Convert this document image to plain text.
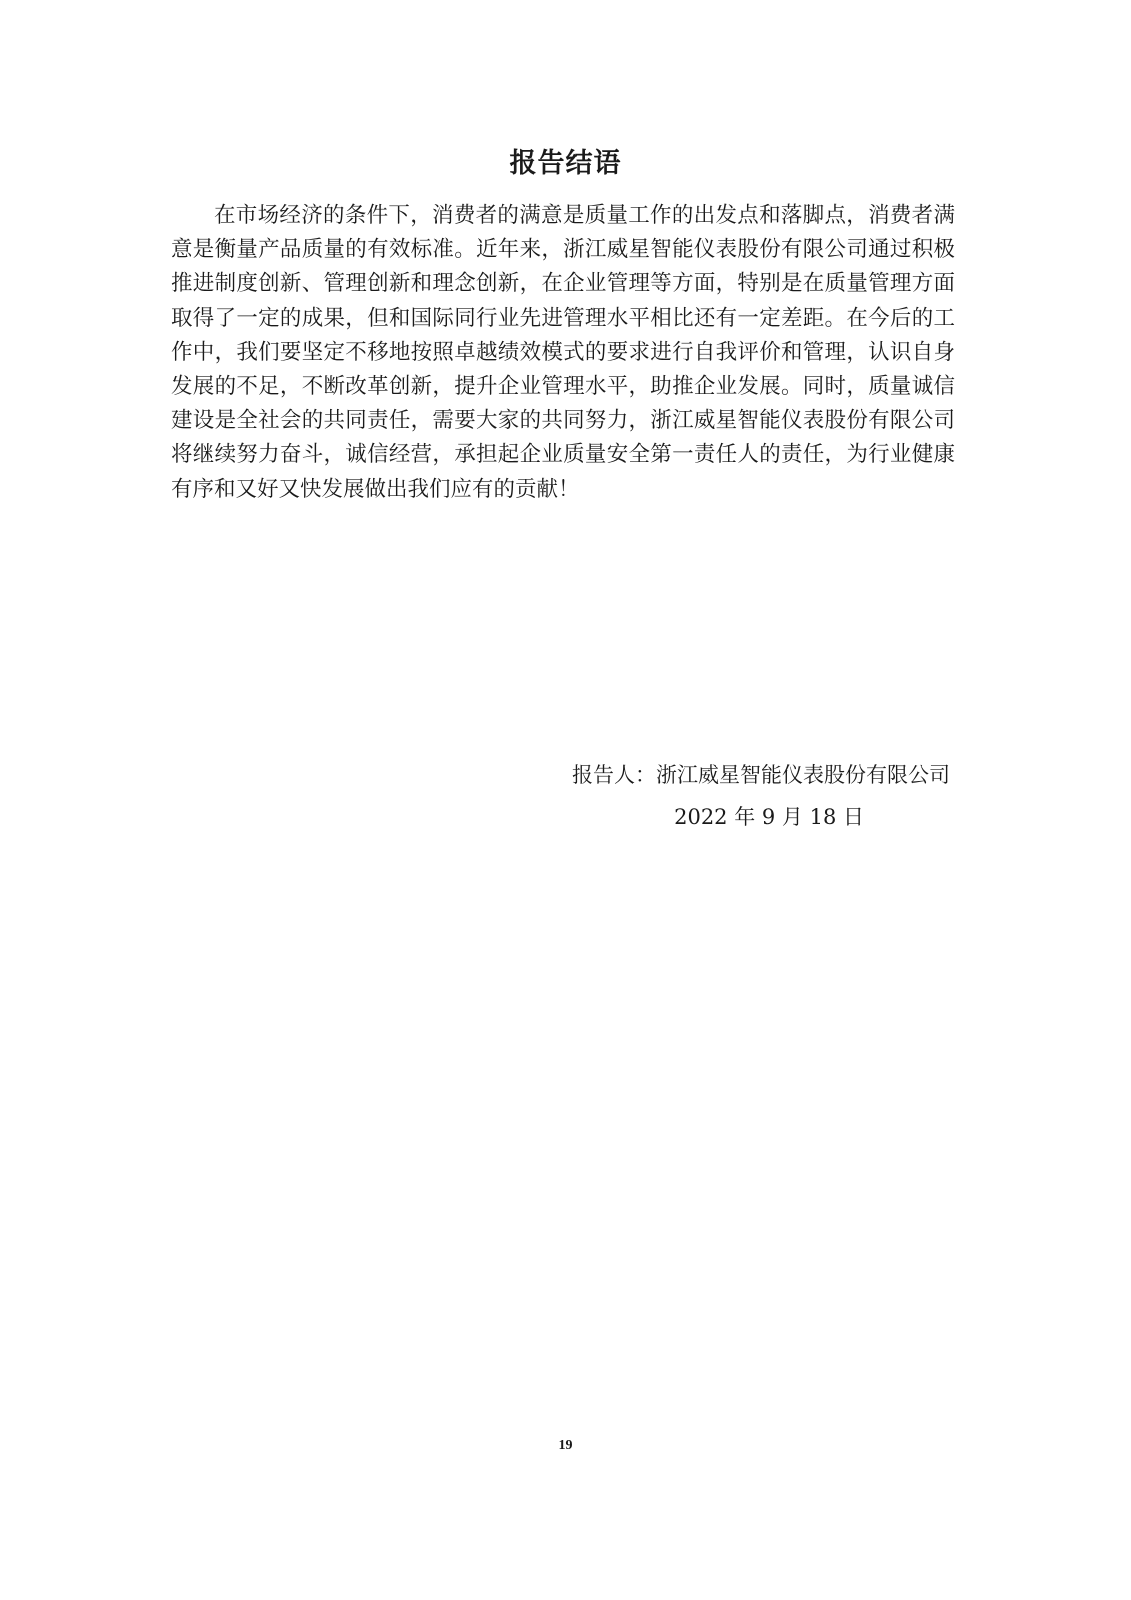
报告结语

在市场经济的条件下，消费者的满意是质量工作的出发点和落脚点，消费者满意是衡量产品质量的有效标准。近年来，浙江威星智能仪表股份有限公司通过积极推进制度创新、管理创新和理念创新，在企业管理等方面，特别是在质量管理方面取得了一定的成果，但和国际同行业先进管理水平相比还有一定差距。在今后的工作中，我们要坚定不移地按照卓越绩效模式的要求进行自我评价和管理，认识自身发展的不足，不断改革创新，提升企业管理水平，助推企业发展。同时，质量诚信建设是全社会的共同责任，需要大家的共同努力，浙江威星智能仪表股份有限公司将继续努力奋斗，诚信经营，承担起企业质量安全第一责任人的责任，为行业健康有序和又好又快发展做出我们应有的贡献！

报告人：浙江威星智能仪表股份有限公司
2022 年 9 月 18 日
19
